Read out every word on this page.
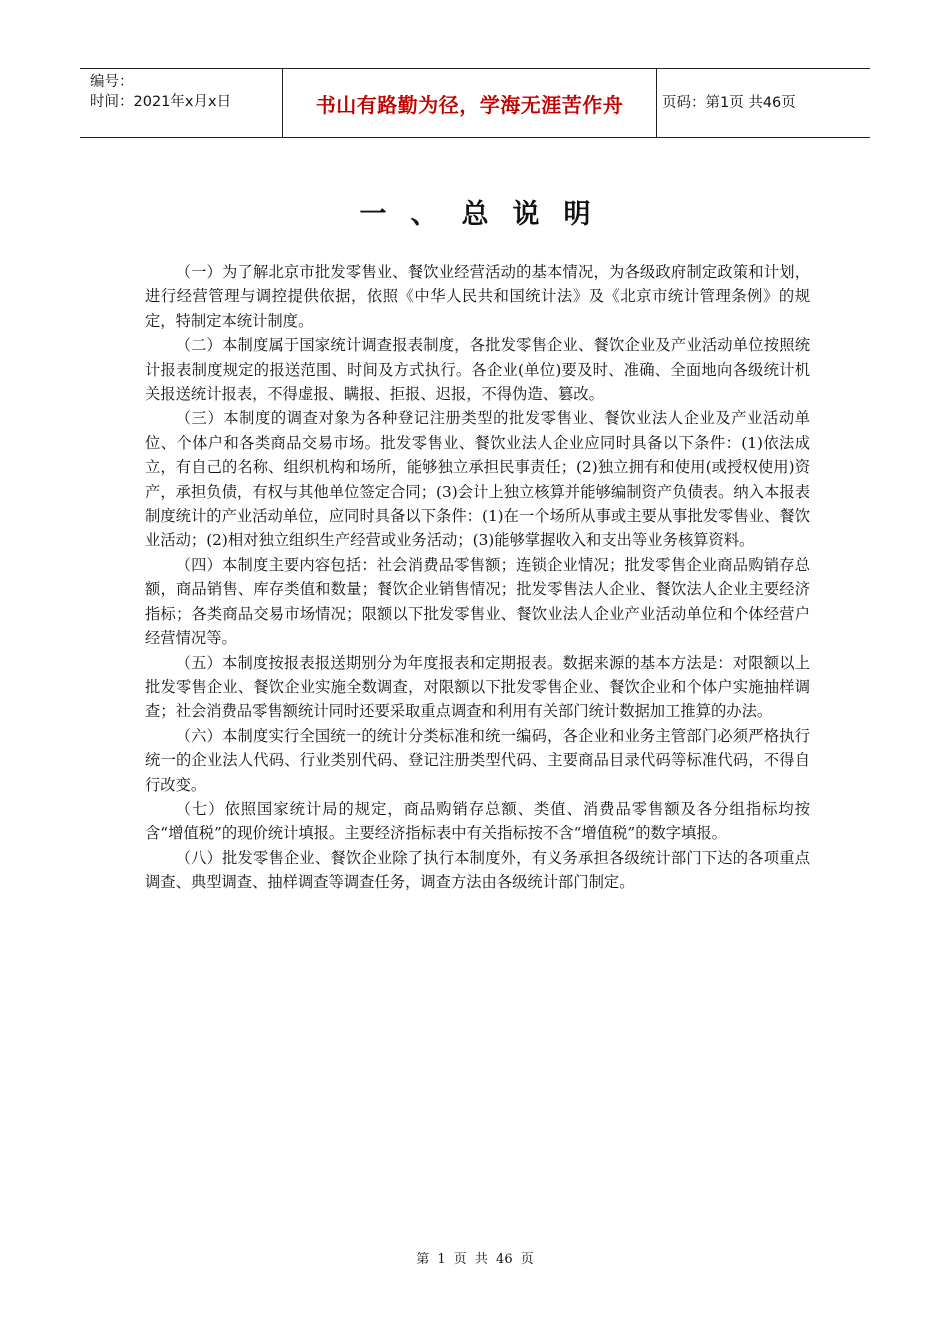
编号：
时间：2021年x月x日	书山有路勤为径，学海无涯苦作舟	页码：第1页 共46页
一、总说明

（一）为了解北京市批发零售业、餐饮业经营活动的基本情况，为各级政府制定政策和计划，进行经营管理与调控提供依据，依照《中华人民共和国统计法》及《北京市统计管理条例》的规定，特制定本统计制度。

（二）本制度属于国家统计调查报表制度，各批发零售企业、餐饮企业及产业活动单位按照统计报表制度规定的报送范围、时间及方式执行。各企业(单位)要及时、准确、全面地向各级统计机关报送统计报表，不得虚报、瞒报、拒报、迟报，不得伪造、篡改。

（三）本制度的调查对象为各种登记注册类型的批发零售业、餐饮业法人企业及产业活动单位、个体户和各类商品交易市场。批发零售业、餐饮业法人企业应同时具备以下条件：(1)依法成立，有自己的名称、组织机构和场所，能够独立承担民事责任；(2)独立拥有和使用(或授权使用)资产，承担负债，有权与其他单位签定合同；(3)会计上独立核算并能够编制资产负债表。纳入本报表制度统计的产业活动单位，应同时具备以下条件：(1)在一个场所从事或主要从事批发零售业、餐饮业活动；(2)相对独立组织生产经营或业务活动；(3)能够掌握收入和支出等业务核算资料。

（四）本制度主要内容包括：社会消费品零售额；连锁企业情况；批发零售企业商品购销存总额，商品销售、库存类值和数量；餐饮企业销售情况；批发零售法人企业、餐饮法人企业主要经济指标；各类商品交易市场情况；限额以下批发零售业、餐饮业法人企业产业活动单位和个体经营户经营情况等。

（五）本制度按报表报送期别分为年度报表和定期报表。数据来源的基本方法是：对限额以上批发零售企业、餐饮企业实施全数调查，对限额以下批发零售企业、餐饮企业和个体户实施抽样调查；社会消费品零售额统计同时还要采取重点调查和利用有关部门统计数据加工推算的办法。

（六）本制度实行全国统一的统计分类标准和统一编码，各企业和业务主管部门必须严格执行统一的企业法人代码、行业类别代码、登记注册类型代码、主要商品目录代码等标准代码，不得自行改变。

（七）依照国家统计局的规定，商品购销存总额、类值、消费品零售额及各分组指标均按含“增值税”的现价统计填报。主要经济指标表中有关指标按不含“增值税”的数字填报。

（八）批发零售企业、餐饮企业除了执行本制度外，有义务承担各级统计部门下达的各项重点调查、典型调查、抽样调查等调查任务，调查方法由各级统计部门制定。

第 1 页 共 46 页
